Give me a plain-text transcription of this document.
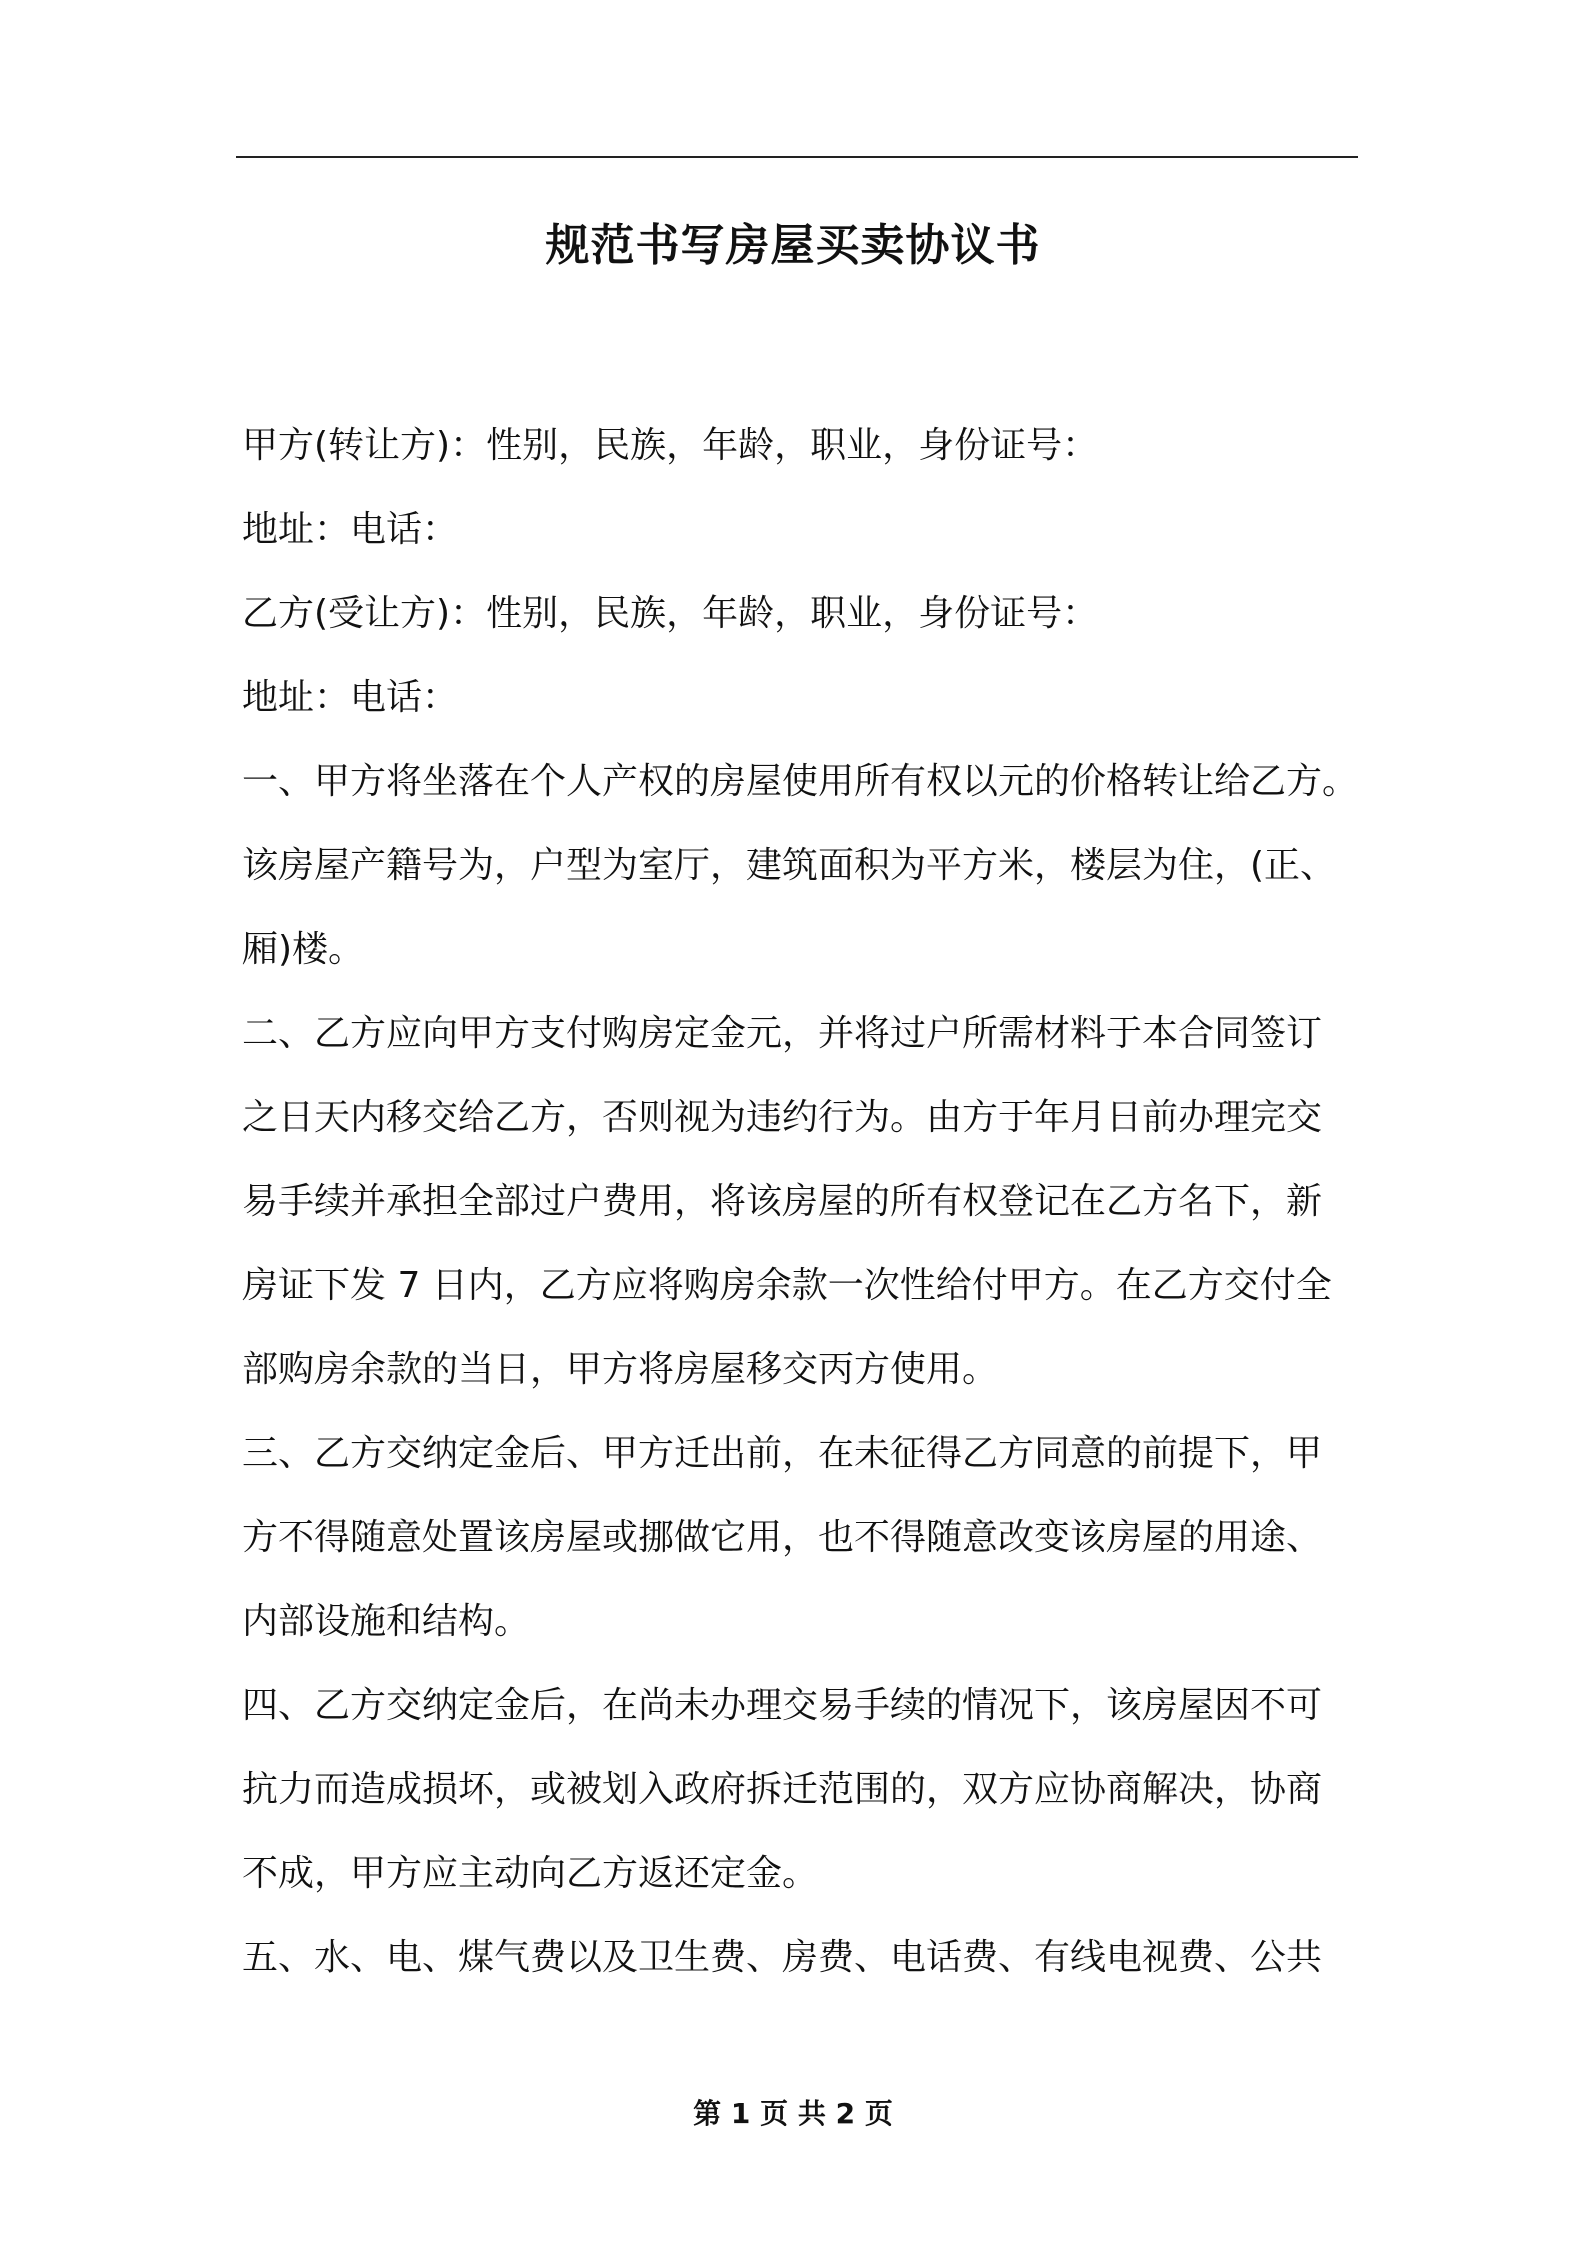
规范书写房屋买卖协议书
甲方(转让方)：性别，民族，年龄，职业，身份证号：
地址：电话：
乙方(受让方)：性别，民族，年龄，职业，身份证号：
地址：电话：
一、甲方将坐落在个人产权的房屋使用所有权以元的价格转让给乙方。
该房屋产籍号为，户型为室厅，建筑面积为平方米，楼层为住，(正、
厢)楼。
二、乙方应向甲方支付购房定金元，并将过户所需材料于本合同签订
之日天内移交给乙方，否则视为违约行为。由方于年月日前办理完交
易手续并承担全部过户费用，将该房屋的所有权登记在乙方名下，新
房证下发 7 日内，乙方应将购房余款一次性给付甲方。在乙方交付全
部购房余款的当日，甲方将房屋移交丙方使用。
三、乙方交纳定金后、甲方迁出前，在未征得乙方同意的前提下，甲
方不得随意处置该房屋或挪做它用，也不得随意改变该房屋的用途、
内部设施和结构。
四、乙方交纳定金后，在尚未办理交易手续的情况下，该房屋因不可
抗力而造成损坏，或被划入政府拆迁范围的，双方应协商解决，协商
不成，甲方应主动向乙方返还定金。
五、水、电、煤气费以及卫生费、房费、电话费、有线电视费、公共
第 1 页 共 2 页
